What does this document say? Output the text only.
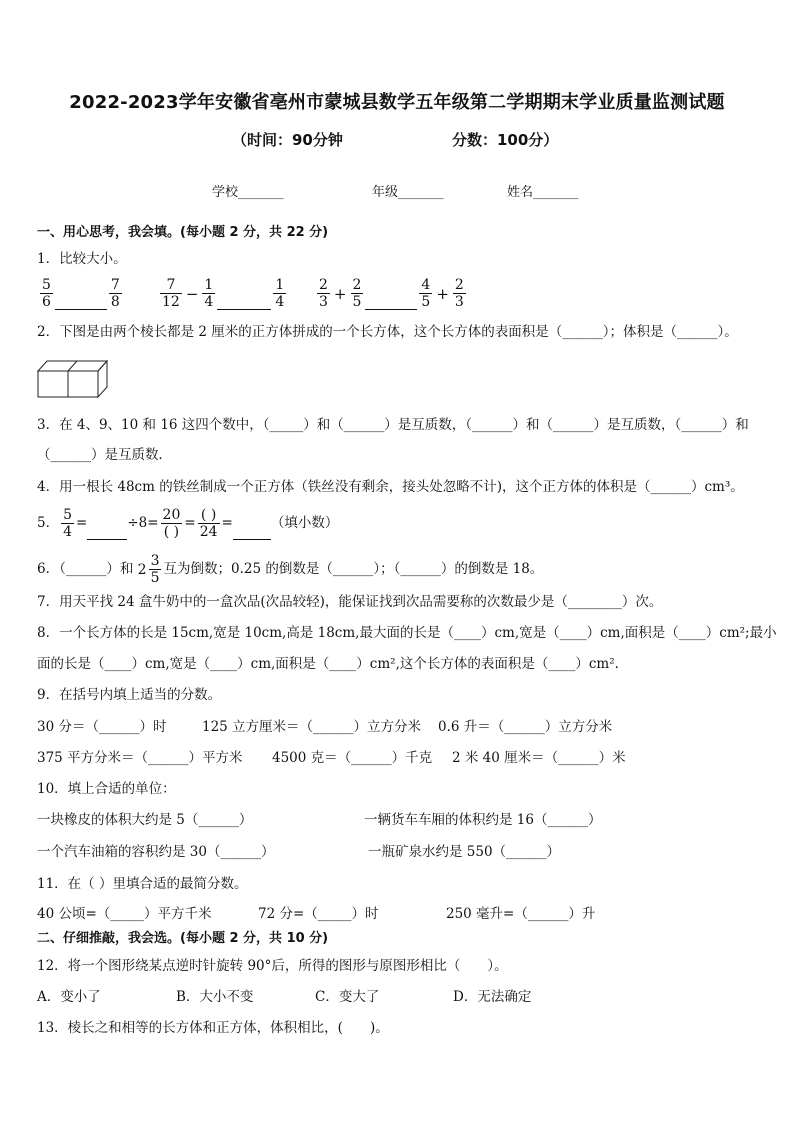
2022-2023学年安徽省亳州市蒙城县数学五年级第二学期期末学业质量监测试题
（时间：90分钟	分数：100分）
学校_______	年级_______	姓名_______
一、用心思考，我会填。(每小题 2 分，共 22 分)
1．比较大小。
$\frac{5}{6}$	$\frac{7}{8}$	$\frac{7}{12} - \frac{1}{4}$	$\frac{1}{4} \frac{2}{3} + \frac{2}{5}$	$\frac{4}{5} + \frac{2}{3}$
2．下图是由两个棱长都是 2 厘米的正方体拼成的一个长方体，这个长方体的表面积是（______）；体积是（______）。
3．在 4、9、10 和 16 这四个数中，（_____）和（______）是互质数，（______）和（______）是互质数，（______）和
（______）是互质数．
4．用一根长 48cm 的铁丝制成一个正方体（铁丝没有剩余，接头处忽略不计)，这个正方体的体积是（______）cm³。
5． $\frac{5}{4}$ =	$\div 8= \frac{20}{( )} = \frac{( )}{24}$ =	（填小数）
6．（______）和 $2 \frac{3}{5}$ 互为倒数；0.25 的倒数是（______）；（______）的倒数是 18。
7．用天平找 24 盒牛奶中的一盒次品(次品较轻)，能保证找到次品需要称的次数最少是（________）次。
8．一个长方体的长是 15cm,宽是 10cm,高是 18cm,最大面的长是（____）cm,宽是（____）cm,面积是（____）cm²;最小
面的长是（____）cm,宽是（____）cm,面积是（____）cm²,这个长方体的表面积是（____）cm².
9．在括号内填上适当的分数。
30 分＝（______）时	125 立方厘米＝（______）立方分米 0.6 升＝（______）立方分米
375 平方分米＝（______）平方米 4500 克＝（______）千克 2 米 40 厘米＝（______）米
10．填上合适的单位：
一块橡皮的体积大约是 5（______）	一辆货车车厢的体积约是 16（______）
一个汽车油箱的容积约是 30（______）	一瓶矿泉水约是 550（______）
11．在（ ）里填合适的最简分数。
40 公顷=（_____）平方千米	72 分=（_____）时	250 毫升=（______）升
二、仔细推敲，我会选。(每小题 2 分，共 10 分)
12．将一个图形绕某点逆时针旋转 90°后，所得的图形与原图形相比（　　）。
A．变小了	B．大小不变	C．变大了	D．无法确定
13．棱长之和相等的长方体和正方体，体积相比，(　　)。
